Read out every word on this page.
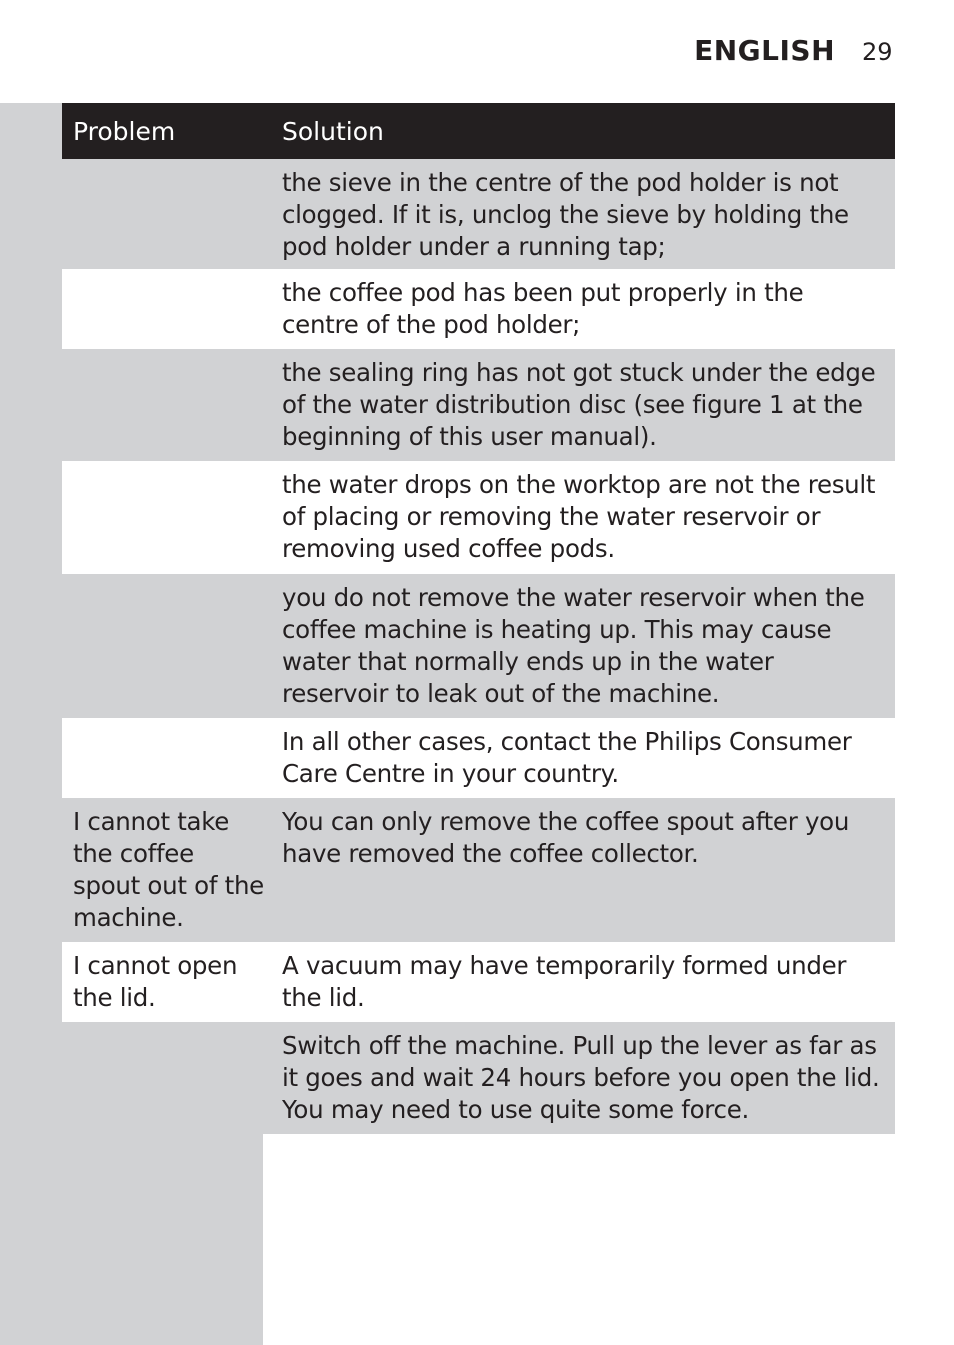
ENGLISH 29
Problem	Solution
the sieve in the centre of the pod holder is not clogged. If it is, unclog the sieve by holding the pod holder under a running tap;
the coffee pod has been put properly in the centre of the pod holder;
the sealing ring has not got stuck under the edge of the water distribution disc (see figure 1 at the beginning of this user manual).
the water drops on the worktop are not the result of placing or removing the water reservoir or removing used coffee pods.
you do not remove the water reservoir when the coffee machine is heating up. This may cause water that normally ends up in the water reservoir to leak out of the machine.
In all other cases, contact the Philips Consumer Care Centre in your country.
I cannot take the coffee spout out of the machine.
You can only remove the coffee spout after you have removed the coffee collector.
I cannot open the lid.
A vacuum may have temporarily formed under the lid.
Switch off the machine. Pull up the lever as far as it goes and wait 24 hours before you open the lid. You may need to use quite some force.
